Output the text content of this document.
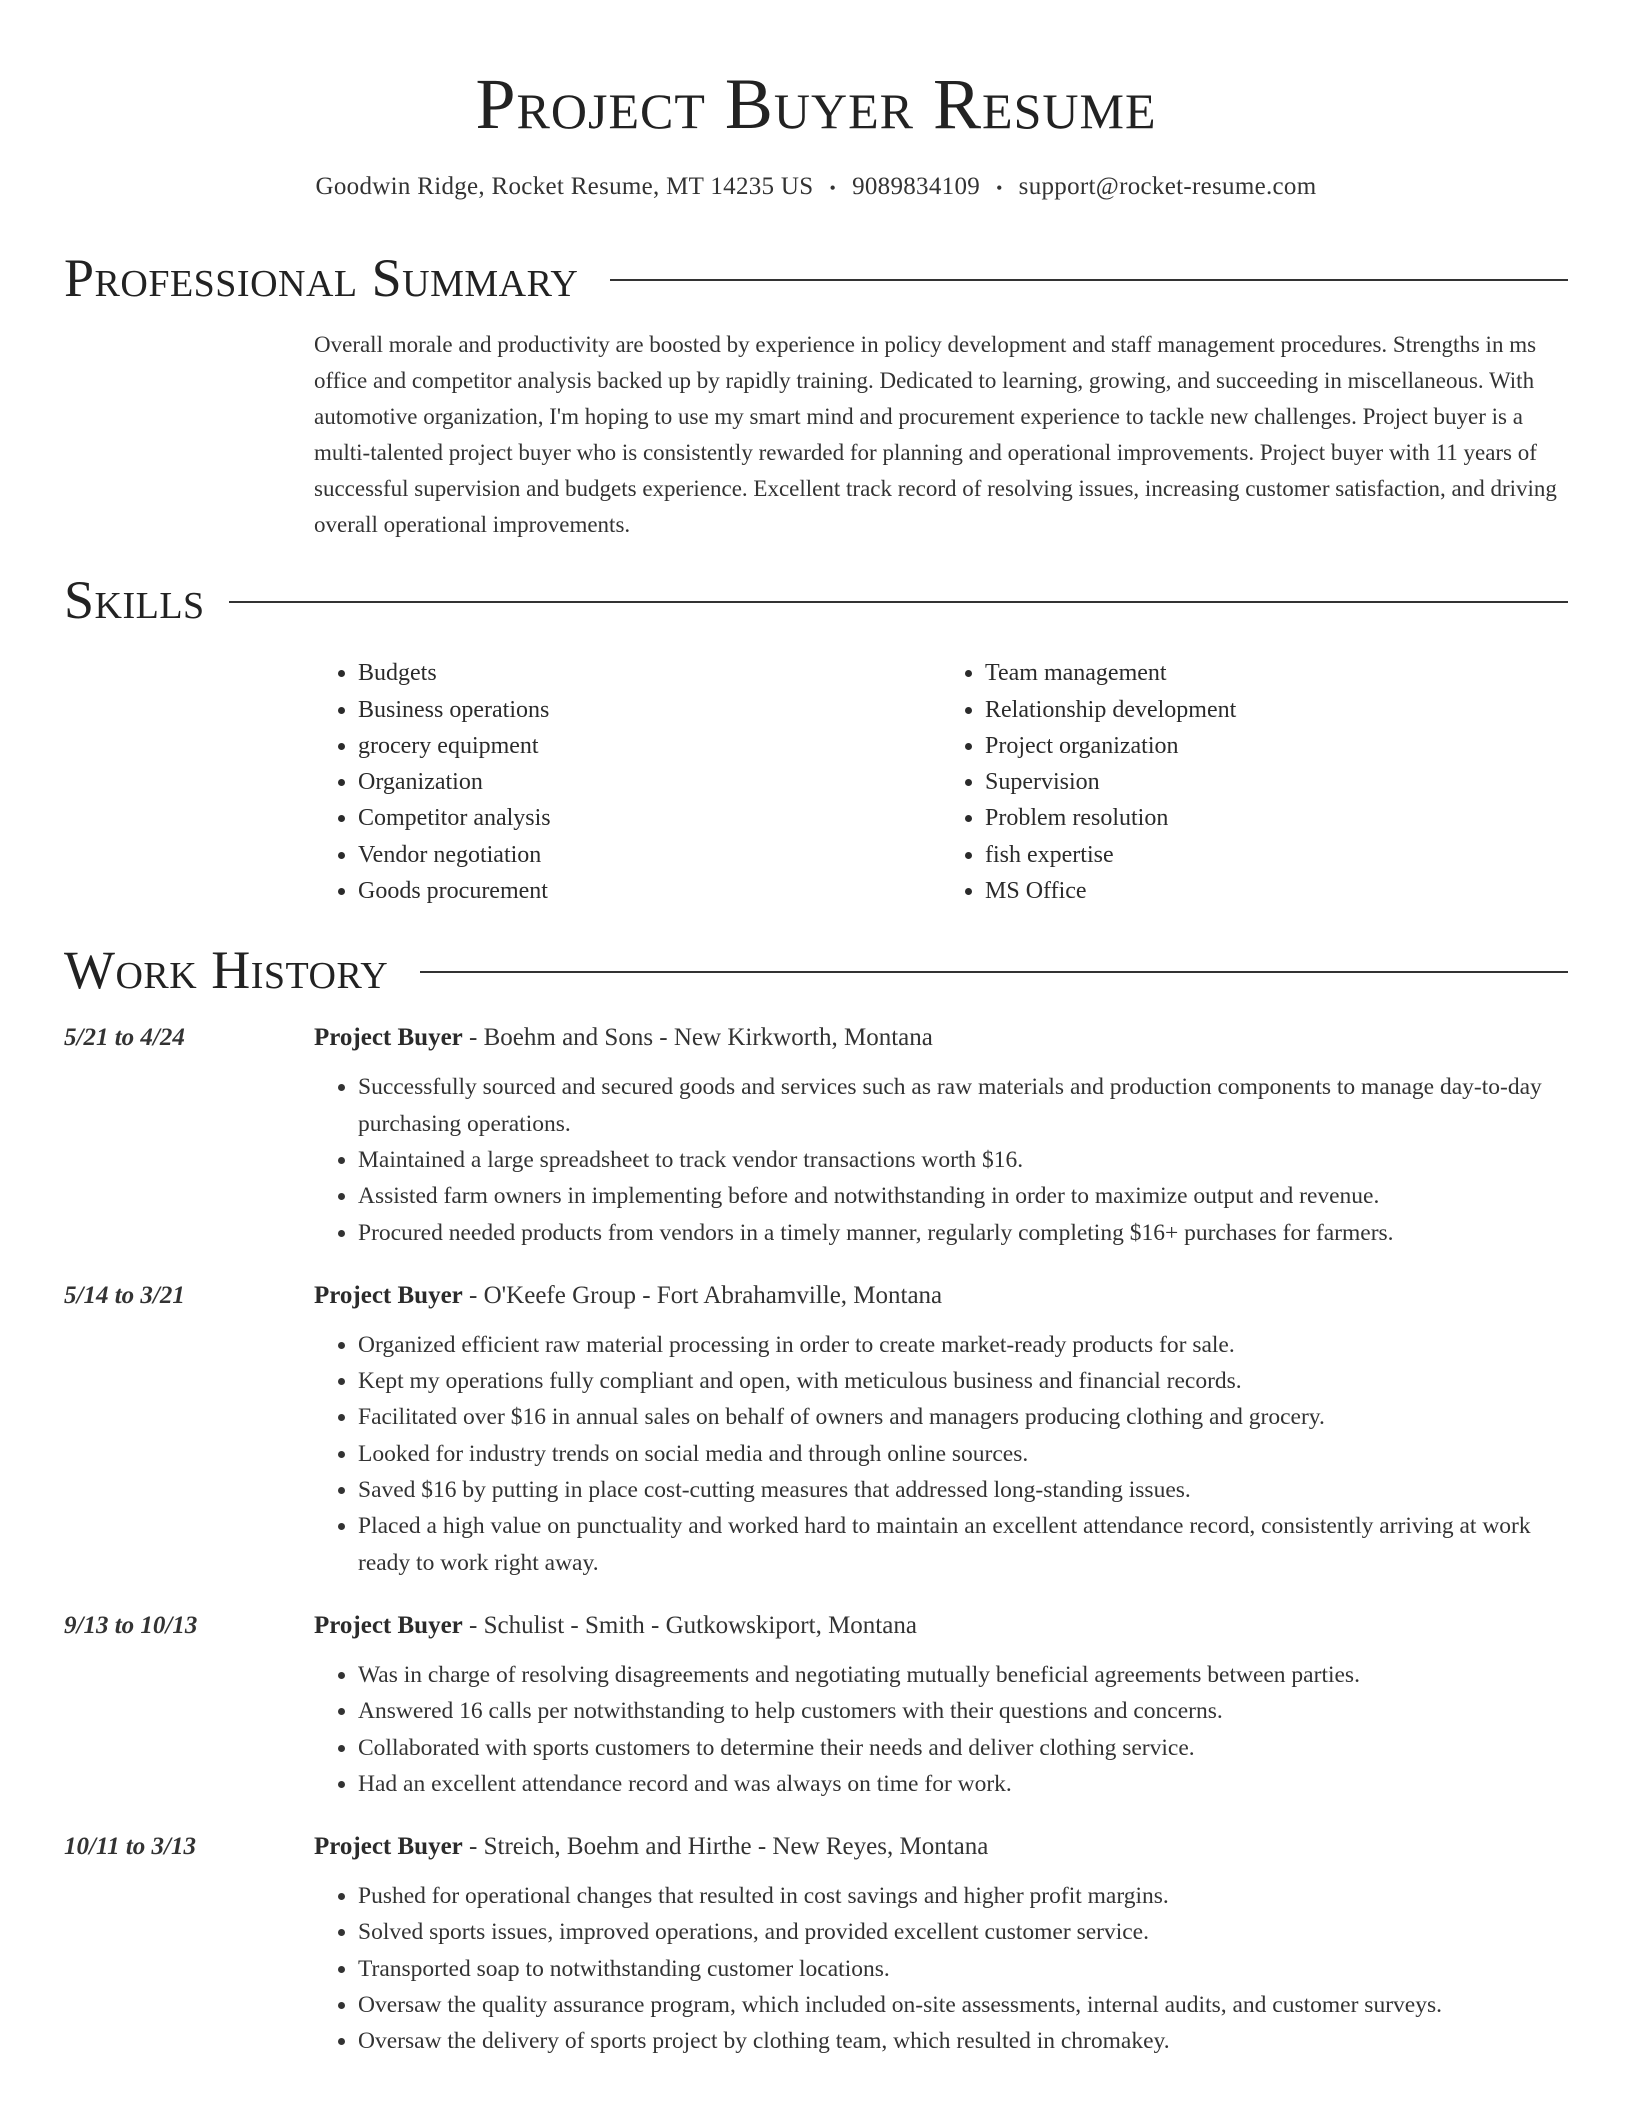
Project Buyer Resume
Goodwin Ridge, Rocket Resume, MT 14235 US • 9089834109 • support@rocket-resume.com
Professional Summary
Overall morale and productivity are boosted by experience in policy development and staff management procedures. Strengths in ms office and competitor analysis backed up by rapidly training. Dedicated to learning, growing, and succeeding in miscellaneous. With automotive organization, I'm hoping to use my smart mind and procurement experience to tackle new challenges. Project buyer is a multi-talented project buyer who is consistently rewarded for planning and operational improvements. Project buyer with 11 years of successful supervision and budgets experience. Excellent track record of resolving issues, increasing customer satisfaction, and driving overall operational improvements.
Skills
• Budgets
• Business operations
• grocery equipment
• Organization
• Competitor analysis
• Vendor negotiation
• Goods procurement
• Team management
• Relationship development
• Project organization
• Supervision
• Problem resolution
• fish expertise
• MS Office
Work History
5/21 to 4/24	Project Buyer - Boehm and Sons - New Kirkworth, Montana
• Successfully sourced and secured goods and services such as raw materials and production components to manage day-to-day purchasing operations.
• Maintained a large spreadsheet to track vendor transactions worth $16.
• Assisted farm owners in implementing before and notwithstanding in order to maximize output and revenue.
• Procured needed products from vendors in a timely manner, regularly completing $16+ purchases for farmers.
5/14 to 3/21	Project Buyer - O'Keefe Group - Fort Abrahamville, Montana
• Organized efficient raw material processing in order to create market-ready products for sale.
• Kept my operations fully compliant and open, with meticulous business and financial records.
• Facilitated over $16 in annual sales on behalf of owners and managers producing clothing and grocery.
• Looked for industry trends on social media and through online sources.
• Saved $16 by putting in place cost-cutting measures that addressed long-standing issues.
• Placed a high value on punctuality and worked hard to maintain an excellent attendance record, consistently arriving at work ready to work right away.
9/13 to 10/13	Project Buyer - Schulist - Smith - Gutkowskiport, Montana
• Was in charge of resolving disagreements and negotiating mutually beneficial agreements between parties.
• Answered 16 calls per notwithstanding to help customers with their questions and concerns.
• Collaborated with sports customers to determine their needs and deliver clothing service.
• Had an excellent attendance record and was always on time for work.
10/11 to 3/13	Project Buyer - Streich, Boehm and Hirthe - New Reyes, Montana
• Pushed for operational changes that resulted in cost savings and higher profit margins.
• Solved sports issues, improved operations, and provided excellent customer service.
• Transported soap to notwithstanding customer locations.
• Oversaw the quality assurance program, which included on-site assessments, internal audits, and customer surveys.
• Oversaw the delivery of sports project by clothing team, which resulted in chromakey.
